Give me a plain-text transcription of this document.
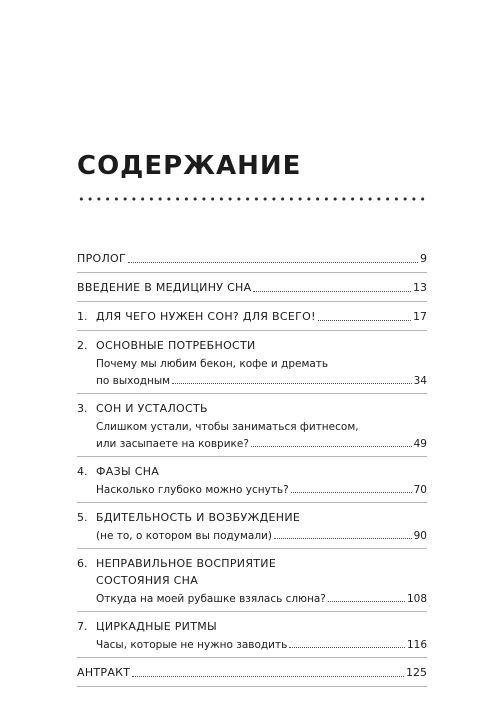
СОДЕРЖАНИЕ
ПРОЛОГ	9
ВВЕДЕНИЕ В МЕДИЦИНУ СНА	13
1. ДЛЯ ЧЕГО НУЖЕН СОН? ДЛЯ ВСЕГО!	17
2. ОСНОВНЫЕ ПОТРЕБНОСТИ
Почему мы любим бекон, кофе и дремать
по выходным	34
3. СОН И УСТАЛОСТЬ
Слишком устали, чтобы заниматься фитнесом,
или засыпаете на коврике?	49
4. ФАЗЫ СНА
Насколько глубоко можно уснуть?	70
5. БДИТЕЛЬНОСТЬ И ВОЗБУЖДЕНИЕ
(не то, о котором вы подумали)	90
6. НЕПРАВИЛЬНОЕ ВОСПРИЯТИЕ
СОСТОЯНИЯ СНА
Откуда на моей рубашке взялась слюна?	108
7. ЦИРКАДНЫЕ РИТМЫ
Часы, которые не нужно заводить	116
АНТРАКТ	125
